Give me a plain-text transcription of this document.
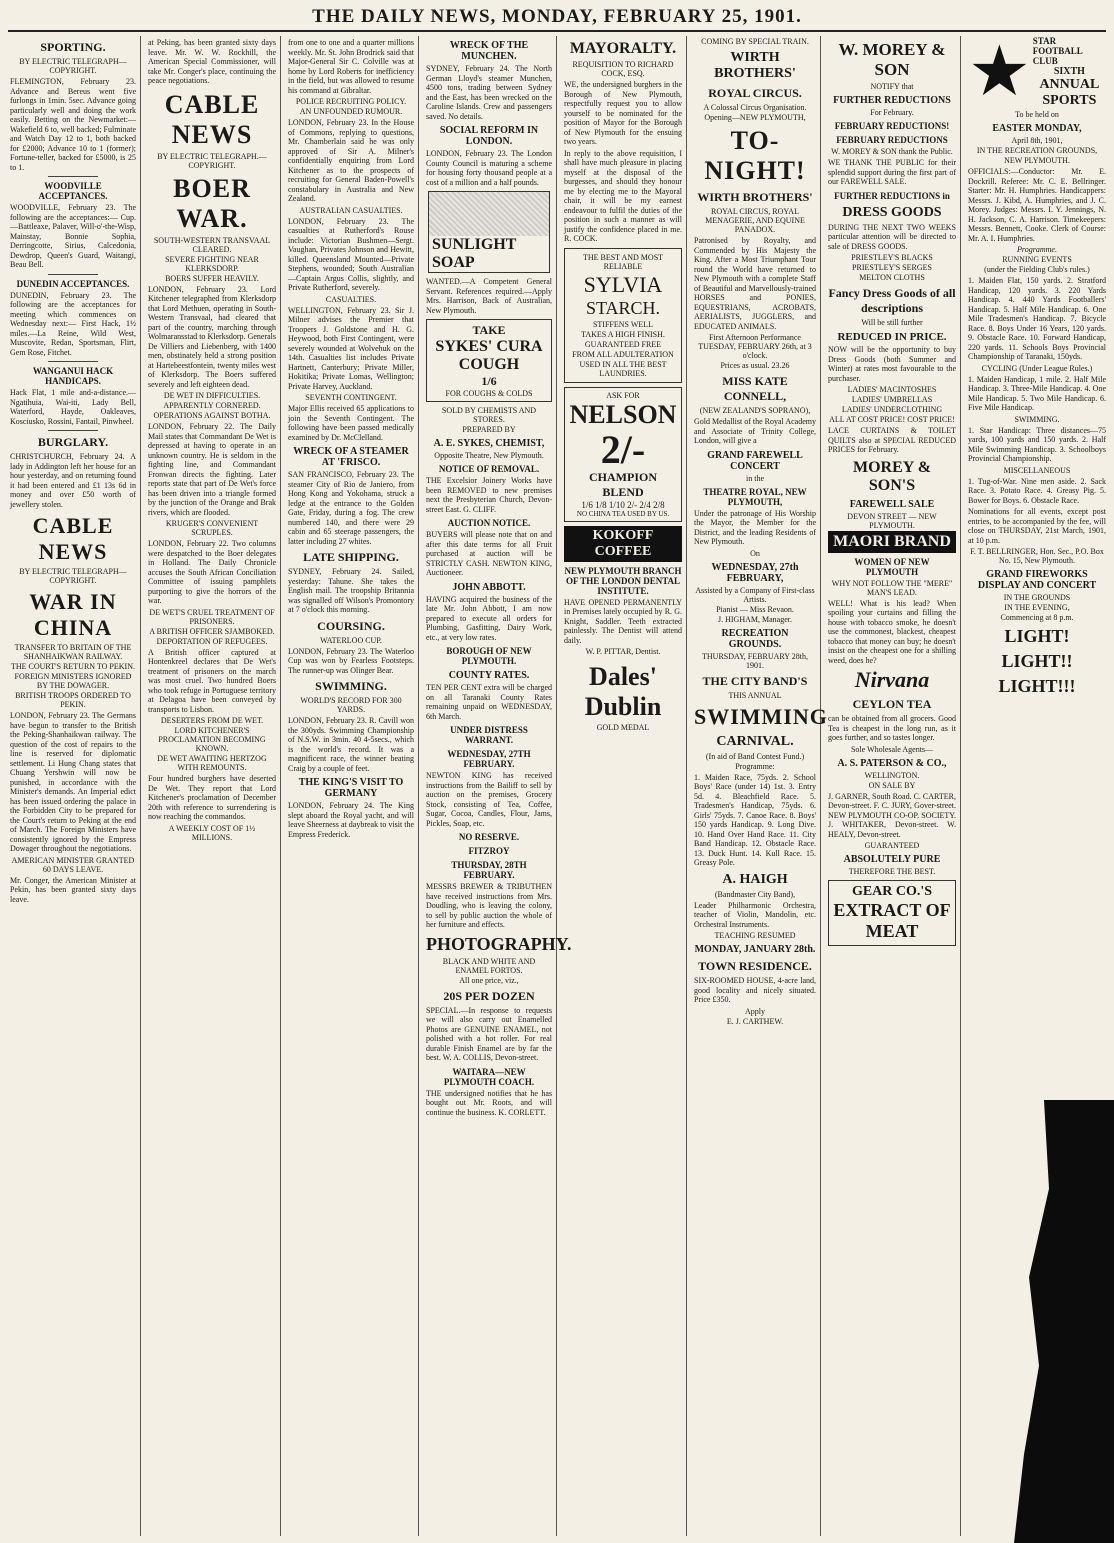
THE DAILY NEWS, MONDAY, FEBRUARY 25, 1901.
SPORTING.
BY ELECTRIC TELEGRAPH—COPYRIGHT.
FLEMINGTON, February 23. Advance and Bereus went five furlongs in 1min. 5sec. Advance going particularly well and doing the work easily. Betting on the Newmarket:—Wakefield 6 to, well backed; Fulminate and Watch Day 12 to 1, both backed for £2000; Advance 10 to 1 (former); Fortune-teller, backed for £5000, is 25 to 1.
WOODVILLE ACCEPTANCES.
WOODVILLE, February 23. The following are the acceptances:— Cup.—Battleaxe, Palaver, Will-o'-the-Wisp, Mainstay, Bonnie Sophia, Derringcotte, Sirius, Calcedonia, Dewdrop, Queen's Guard, Waitangi, Beau Bell.
DUNEDIN ACCEPTANCES.
DUNEDIN, February 23. The following are the acceptances for meeting which commences on Wednesday next:— First Hack, 1½ miles.—La Reine, Wild West, Muscovite, Redan, Sportsman, Flirt, Gem Rose, Fitchet.
WANGANUI HACK HANDICAPS.
Hack Flat, 1 mile and-a-distance.—Ngatihuia, Wai-iti, Lady Bell, Waterford, Hayde, Oakleaves, Kosciusko, Rossini, Fantail, Pinwheel.
BURGLARY.
CHRISTCHURCH, February 24. A lady in Addington left her house for an hour yesterday, and on returning found it had been entered and £1 13s 6d in money and over £50 worth of jewellery stolen.
CABLE NEWS
BY ELECTRIC TELEGRAPH—COPYRIGHT.
WAR IN CHINA
TRANSFER TO BRITAIN OF THE SHANHAIKWAN RAILWAY.
THE COURT'S RETURN TO PEKIN.
FOREIGN MINISTERS IGNORED BY THE DOWAGER.
BRITISH TROOPS ORDERED TO PEKIN.
LONDON, February 23. The Germans have begun to transfer to the British the Peking-Shanhaikwan railway. The question of the cost of repairs to the line is reserved for diplomatic settlement. Li Hung Chang states that Chuang Yershwin will now be punished, in accordance with the Minister's demands. An Imperial edict has been issued ordering the palace in the Forbidden City to be prepared for the Court's return to Peking at the end of March. The Foreign Ministers have consistently ignored by the Empress Dowager throughout the negotiations.
AMERICAN MINISTER GRANTED 60 DAYS LEAVE.
Mr. Conger, the American Minister at Pekin, has been granted sixty days leave.
at Peking, has been granted sixty days leave. Mr. W. W. Rockhill, the American Special Commissioner, will take Mr. Conger's place, continuing the peace negotiations.
CABLE NEWS
BY ELECTRIC TELEGRAPH.—COPYRIGHT.
BOER WAR.
SOUTH-WESTERN TRANSVAAL CLEARED.
SEVERE FIGHTING NEAR KLERKSDORP.
BOERS SUFFER HEAVILY.
LONDON, February 23. Lord Kitchener telegraphed from Klerksdorp that Lord Methuen, operating in South-Western Transvaal, had cleared that part of the country, marching through Wolmaransstad to Klerksdorp. Generals De Villiers and Liebenberg, with 1400 men, obstinately held a strong position at Hartebeestfontein, twenty miles west of Klerksdorp. The Boers suffered severely and left eighteen dead.
DE WET IN DIFFICULTIES.
APPARENTLY CORNERED.
OPERATIONS AGAINST BOTHA.
LONDON, February 22. The Daily Mail states that Commandant De Wet is depressed at having to operate in an unknown country. He is seldom in the fighting line, and Commandant Fronwan directs the fighting. Later reports state that part of De Wet's force has been driven into a triangle formed by the junction of the Orange and Brak rivers, which are flooded.
KRUGER'S CONVENIENT SCRUPLES.
LONDON, February 22. Two columns were despatched to the Boer delegates in Holland. The Daily Chronicle accuses the South African Conciliation Committee of issuing pamphlets purporting to give the horrors of the war.
DE WET'S CRUEL TREATMENT OF PRISONERS.
A BRITISH OFFICER SJAMBOKED.
DEPORTATION OF REFUGEES.
A British officer captured at Hontenkreel declares that De Wet's treatment of prisoners on the march was most cruel. Two hundred Boers who took refuge in Portuguese territory at Delagoa have been conveyed by transports to Lisbon.
DESERTERS FROM DE WET.
LORD KITCHENER'S PROCLAMATION BECOMING KNOWN.
DE WET AWAITING HERTZOG WITH REMOUNTS.
Four hundred burghers have deserted De Wet. They report that Lord Kitchener's proclamation of December 20th with reference to surrendering is now reaching the commandos.
A WEEKLY COST OF 1½ MILLIONS.
from one to one and a quarter millions weekly. Mr. St. John Brodrick said that Major-General Sir C. Colville was at home by Lord Roberts for inefficiency in the field, but was allowed to resume his command at Gibraltar.
POLICE RECRUITING POLICY.
AN UNFOUNDED RUMOUR.
LONDON, February 23. In the House of Commons, replying to questions, Mr. Chamberlain said he was only approved of Sir A. Milner's confidentially enquiring from Lord Kitchener as to the prospects of recruiting for General Baden-Powell's constabulary in Australia and New Zealand.
AUSTRALIAN CASUALTIES.
LONDON, February 23. The casualties at Rutherford's Rouse include: Victorian Bushmen—Sergt. Vaughan, Privates Johnson and Hewitt, killed. Queensland Mounted—Private Stephens, wounded; South Australian—Captain Argus Collis, slightly, and Private Rutherford, severely.
CASUALTIES.
WELLINGTON, February 23. Sir J. Milner advises the Premier that Troopers J. Goldstone and H. G. Heywood, both First Contingent, were severely wounded at Wolvehuk on the 14th. Casualties list includes Private Hartnett, Canterbury; Private Miller, Hokitika; Private Lomas, Wellington; Private Harvey, Auckland.
SEVENTH CONTINGENT.
Major Ellis received 65 applications to join the Seventh Contingent. The following have been passed medically examined by Dr. McClelland.
WRECK OF A STEAMER AT 'FRISCO.
SAN FRANCISCO, February 23. The steamer City of Rio de Janiero, from Hong Kong and Yokohama, struck a ledge at the entrance to the Golden Gate, Friday, during a fog. The crew numbered 140, and there were 29 cabin and 65 steerage passengers, the latter including 27 whites.
LATE SHIPPING.
SYDNEY, February 24. Sailed, yesterday: Tahune. She takes the English mail. The troopship Britannia was signalled off Wilson's Promontory at 7 o'clock this morning.
COURSING.
WATERLOO CUP.
LONDON, February 23. The Waterloo Cup was won by Fearless Footsteps. The runner-up was Olinger Bear.
SWIMMING.
WORLD'S RECORD FOR 300 YARDS.
LONDON, February 23. R. Cavill won the 300yds. Swimming Championship of N.S.W. in 3min. 40 4-5secs., which is the world's record. It was a magnificent race, the winner beating Craig by a couple of feet.
THE KING'S VISIT TO GERMANY
LONDON, February 24. The King slept aboard the Royal yacht, and will leave Sheerness at daybreak to visit the Empress Frederick.
WRECK OF THE MUNCHEN.
SYDNEY, February 24. The North German Lloyd's steamer Munchen, 4500 tons, trading between Sydney and the East, has been wrecked on the Caroline Islands. Crew and passengers saved. No details.
SOCIAL REFORM IN LONDON.
LONDON, February 23. The London County Council is maturing a scheme for housing forty thousand people at a cost of a million and a half pounds.
SUNLIGHT SOAP
WANTED.—A Competent General Servant. References required.—Apply Mrs. Harrison, Back of Australian, New Plymouth.
TAKE
SYKES' CURA COUGH
1/6
FOR COUGHS & COLDS
SOLD BY CHEMISTS AND STORES.
PREPARED BY
A. E. SYKES, CHEMIST,
Opposite Theatre, New Plymouth.
NOTICE OF REMOVAL.
THE Excelsior Joinery Works have been REMOVED to new premises next the Presbyterian Church, Devon-street East. G. CLIFF.
AUCTION NOTICE.
BUYERS will please note that on and after this date terms for all Fruit purchased at auction will be STRICTLY CASH. NEWTON KING, Auctioneer.
JOHN ABBOTT.
HAVING acquired the business of the late Mr. John Abbott, I am now prepared to execute all orders for Plumbing, Gasfitting, Dairy Work, etc., at very low rates.
BOROUGH OF NEW PLYMOUTH.
COUNTY RATES.
TEN PER CENT extra will be charged on all Taranaki County Rates remaining unpaid on WEDNESDAY, 6th March.
UNDER DISTRESS WARRANT.
WEDNESDAY, 27TH FEBRUARY.
NEWTON KING has received instructions from the Bailiff to sell by auction on the premises, Grocery Stock, consisting of Tea, Coffee, Sugar, Cocoa, Candles, Flour, Jams, Pickles, Soap, etc.
NO RESERVE.
FITZROY
THURSDAY, 28TH FEBRUARY.
MESSRS BREWER & TRIBUTHEN have received instructions from Mrs. Doudling, who is leaving the colony, to sell by public auction the whole of her furniture and effects.
PHOTOGRAPHY.
BLACK AND WHITE AND ENAMEL FORTOS.
All one price, viz.,
20S PER DOZEN
SPECIAL.—In response to requests we will also carry out Enamelled Photos are GENUINE ENAMEL, not polished with a hot roller. For real durable Finish Enamel are by far the best. W. A. COLLIS, Devon-street.
WAITARA—NEW PLYMOUTH COACH.
THE undersigned notifies that he has bought out Mr. Roots, and will continue the business. K. CORLETT.
MAYORALTY.
REQUISITION TO RICHARD COCK, ESQ.
WE, the undersigned burghers in the Borough of New Plymouth, respectfully request you to allow yourself to be nominated for the position of Mayor for the Borough of New Plymouth for the ensuing two years.
In reply to the above requisition, I shall have much pleasure in placing myself at the disposal of the burgesses, and should they honour me by electing me to the Mayoral chair, it will be my earnest endeavour to fulfil the duties of the position in such a manner as will justify the confidence placed in me. R. COCK.
THE BEST AND MOST RELIABLE
SYLVIA
STARCH.
STIFFENS WELL
TAKES A HIGH FINISH.
GUARANTEED FREE
FROM ALL ADULTERATION
USED IN ALL THE BEST LAUNDRIES.
ASK FOR
NELSON
2/-
CHAMPION BLEND
1/6 1/8 1/10 2/- 2/4 2/8
NO CHINA TEA USED BY US.
KOKOFF COFFEE
NEW PLYMOUTH BRANCH OF THE LONDON DENTAL INSTITUTE.
HAVE OPENED PERMANENTLY in Premises lately occupied by R. G. Knight, Saddler. Teeth extracted painlessly. The Dentist will attend daily.
W. P. PITTAR, Dentist.
Dales' Dublin
GOLD MEDAL
COMING BY SPECIAL TRAIN.
WIRTH BROTHERS'
ROYAL CIRCUS.
A Colossal Circus Organisation.
Opening—NEW PLYMOUTH,
TO-NIGHT!
WIRTH BROTHERS'
ROYAL CIRCUS, ROYAL MENAGERIE, AND EQUINE PANADOX.
Patronised by Royalty, and Commended by His Majesty the King. After a Most Triumphant Tour round the World have returned to New Plymouth with a complete Staff of Beautiful and Marvellously-trained HORSES and PONIES, EQUESTRIANS, ACROBATS, AERIALISTS, JUGGLERS, and EDUCATED ANIMALS.
First Afternoon Performance TUESDAY, FEBRUARY 26th, at 3 o'clock.
Prices as usual. 23.26
MISS KATE CONNELL,
(NEW ZEALAND'S SOPRANO),
Gold Medallist of the Royal Academy and Associate of Trinity College, London, will give a
GRAND FAREWELL CONCERT
in the
THEATRE ROYAL, NEW PLYMOUTH,
Under the patronage of His Worship the Mayor, the Member for the District, and the leading Residents of New Plymouth.
On
WEDNESDAY, 27th FEBRUARY,
Assisted by a Company of First-class Artists.
Pianist — Miss Revaon.
J. HIGHAM, Manager.
RECREATION GROUNDS.
THURSDAY, FEBRUARY 28th, 1901.
THE CITY BAND'S
THIS ANNUAL
SWIMMING
CARNIVAL.
(In aid of Band Contest Fund.)
Programme:
1. Maiden Race, 75yds. 2. School Boys' Race (under 14) 1st. 3. Entry 5d. 4. Bleachfield Race. 5. Tradesmen's Handicap, 75yds. 6. Girls' 75yds. 7. Canoe Race. 8. Boys' 150 yards Handicap. 9. Long Dive. 10. Hand Over Hand Race. 11. City Band Handicap. 12. Obstacle Race. 13. Duck Hunt. 14. Kull Race. 15. Greasy Pole.
A. HAIGH
(Bandmaster City Band),
Leader Philharmonic Orchestra, teacher of Violin, Mandolin, etc. Orchestral Instruments.
TEACHING RESUMED
MONDAY, JANUARY 28th.
TOWN RESIDENCE.
SIX-ROOMED HOUSE, 4-acre land, good locality and nicely situated. Price £350.
Apply
E. J. CARTHEW.
W. MOREY & SON
NOTIFY that
FURTHER REDUCTIONS
For February.
FEBRUARY REDUCTIONS!
FEBRUARY REDUCTIONS
W. MOREY & SON thank the Public.
WE THANK THE PUBLIC for their splendid support during the first part of our FAREWELL SALE.
FURTHER REDUCTIONS in
DRESS GOODS
DURING THE NEXT TWO WEEKS particular attention will be directed to sale of DRESS GOODS.
PRIESTLEY'S BLACKS
PRIESTLEY'S SERGES
MELTON CLOTHS
Fancy Dress Goods of all descriptions
Will be still further
REDUCED IN PRICE.
NOW will be the opportunity to buy Dress Goods (both Summer and Winter) at rates most favourable to the purchaser.
LADIES' MACINTOSHES
LADIES' UMBRELLAS
LADIES' UNDERCLOTHING
ALL AT COST PRICE! COST PRICE!
LACE CURTAINS & TOILET QUILTS also at SPECIAL REDUCED PRICES for February.
MOREY & SON'S
FAREWELL SALE
DEVON STREET — NEW PLYMOUTH.
MAORI BRAND
WOMEN OF NEW PLYMOUTH
WHY NOT FOLLOW THE "MERE" MAN'S LEAD.
WELL! What is his lead? When spoiling your curtains and filling the house with tobacco smoke, he doesn't use the commonest, blackest, cheapest tobacco that money can buy; he doesn't insist on the cheapest one for a shilling weed, does he?
Nirvana
CEYLON TEA
can be obtained from all grocers. Good Tea is cheapest in the long run, as it goes further, and so tastes longer.
Sole Wholesale Agents—
A. S. PATERSON & CO.,
WELLINGTON.
ON SALE BY
J. GARNER, South Road. C. CARTER, Devon-street. F. C. JURY, Gover-street. NEW PLYMOUTH CO-OP. SOCIETY. J. WHITAKER, Devon-street. W. HEALY, Devon-street.
GUARANTEED
ABSOLUTELY PURE
THEREFORE THE BEST.
GEAR CO.'S
EXTRACT OF MEAT
★ STAR FOOTBALL CLUB
SIXTH
ANNUAL
SPORTS
To be held on
EASTER MONDAY,
April 8th, 1901,
IN THE RECREATION GROUNDS,
NEW PLYMOUTH.
OFFICIALS:—Conductor: Mr. E. Dockrill. Referee: Mr. C. E. Bellringer. Starter: Mr. H. Humphries. Handicappers: Messrs. J. Kibd, A. Humphries, and J. C. Morey. Judges: Messrs. I. Y. Jennings, N. H. Jackson, C. A. Harrison. Timekeepers: Messrs. Bennett, Cooke. Clerk of Course: Mr. A. I. Humphries.
Programme.
RUNNING EVENTS
(under the Fielding Club's rules.)
1. Maiden Flat, 150 yards. 2. Stratford Handicap, 120 yards. 3. 220 Yards Handicap. 4. 440 Yards Footballers' Handicap. 5. Half Mile Handicap. 6. One Mile Tradesmen's Handicap. 7. Bicycle Race. 8. Boys Under 16 Years, 120 yards. 9. Obstacle Race. 10. Forward Handicap, 220 yards. 11. Schools Boys Provincial Championship of Taranaki, 150yds.
CYCLING (Under League Rules.)
1. Maiden Handicap, 1 mile. 2. Half Mile Handicap. 3. Three-Mile Handicap. 4. One Mile Handicap. 5. Two Mile Handicap. 6. Five Mile Handicap.
SWIMMING.
1. Star Handicap: Three distances—75 yards, 100 yards and 150 yards. 2. Half Mile Swimming Handicap. 3. Schoolboys Provincial Championship.
MISCELLANEOUS
1. Tug-of-War. Nine men aside. 2. Sack Race. 3. Potato Race. 4. Greasy Pig. 5. Bower for Boys. 6. Obstacle Race.
Nominations for all events, except post entries, to be accompanied by the fee, will close on THURSDAY, 21st March, 1901, at 10 p.m.
F. T. BELLRINGER, Hon. Sec., P.O. Box No. 15, New Plymouth.
GRAND FIREWORKS DISPLAY AND CONCERT
IN THE GROUNDS
IN THE EVENING,
Commencing at 8 p.m.
LIGHT!
LIGHT!!
LIGHT!!!
